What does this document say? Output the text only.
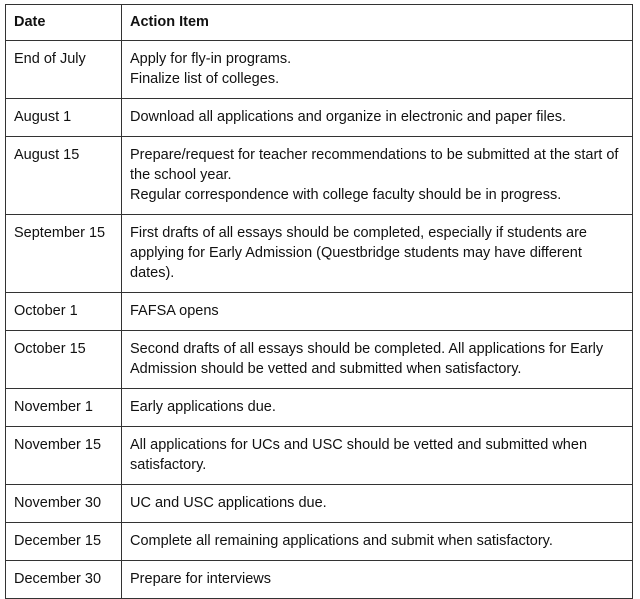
Date	Action Item
End of July	Apply for fly-in programs.
Finalize list of colleges.

August 1	Download all applications and organize in electronic and paper files.

August 15	Prepare/request for teacher recommendations to be submitted at the start of the school year.
Regular correspondence with college faculty should be in progress.

September 15	First drafts of all essays should be completed, especially if students are applying for Early Admission (Questbridge students may have different dates).

October 1	FAFSA opens

October 15	Second drafts of all essays should be completed. All applications for Early Admission should be vetted and submitted when satisfactory.

November 1	Early applications due.

November 15	All applications for UCs and USC should be vetted and submitted when satisfactory.

November 30	UC and USC applications due.

December 15	Complete all remaining applications and submit when satisfactory.

December 30	Prepare for interviews
